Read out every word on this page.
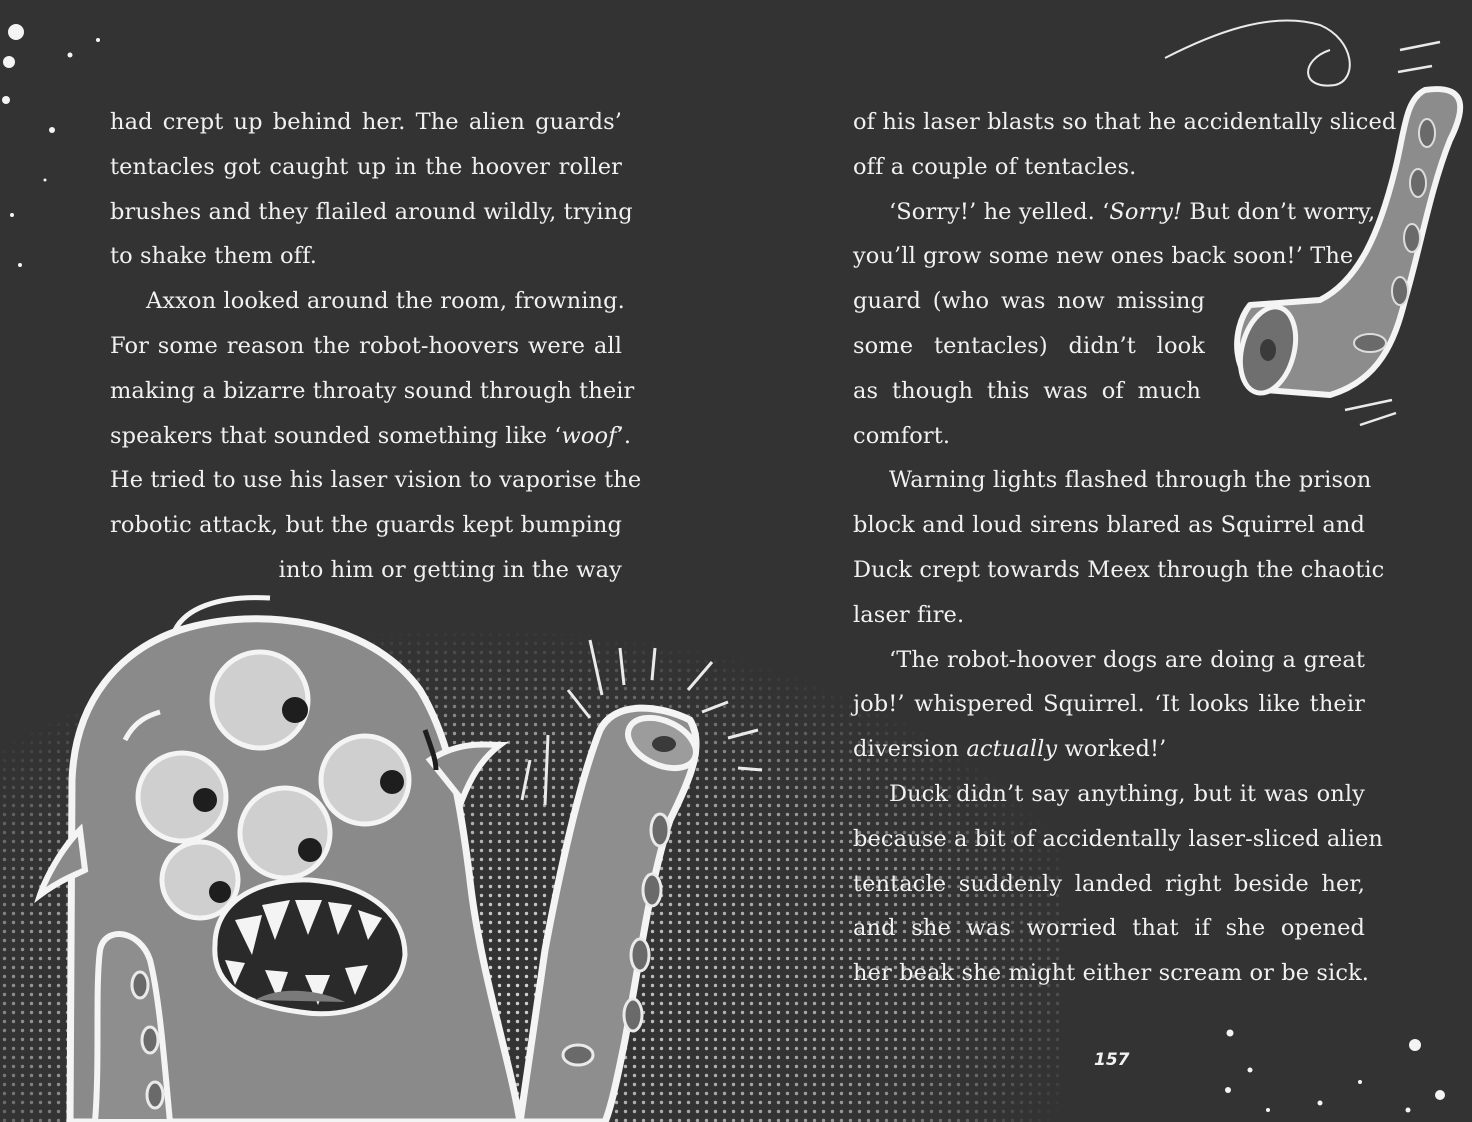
had crept up behind her. The alien guards’
tentacles got caught up in the hoover roller
brushes and they flailed around wildly, trying
to shake them off.
Axxon looked around the room, frowning.
For some reason the robot-hoovers were all
making a bizarre throaty sound through their
speakers that sounded something like ‘woof’.
He tried to use his laser vision to vaporise the
robotic attack, but the guards kept bumping
into him or getting in the way
of his laser blasts so that he accidentally sliced
off a couple of tentacles.
‘Sorry!’ he yelled. ‘Sorry! But don’t worry,
you’ll grow some new ones back soon!’ The
guard (who was now missing
some tentacles) didn’t look
as though this was of much
comfort.
Warning lights flashed through the prison
block and loud sirens blared as Squirrel and
Duck crept towards Meex through the chaotic
laser fire.
‘The robot-hoover dogs are doing a great
job!’ whispered Squirrel. ‘It looks like their
diversion actually worked!’
Duck didn’t say anything, but it was only
because a bit of accidentally laser-sliced alien
tentacle suddenly landed right beside her,
and she was worried that if she opened
her beak she might either scream or be sick.
157
